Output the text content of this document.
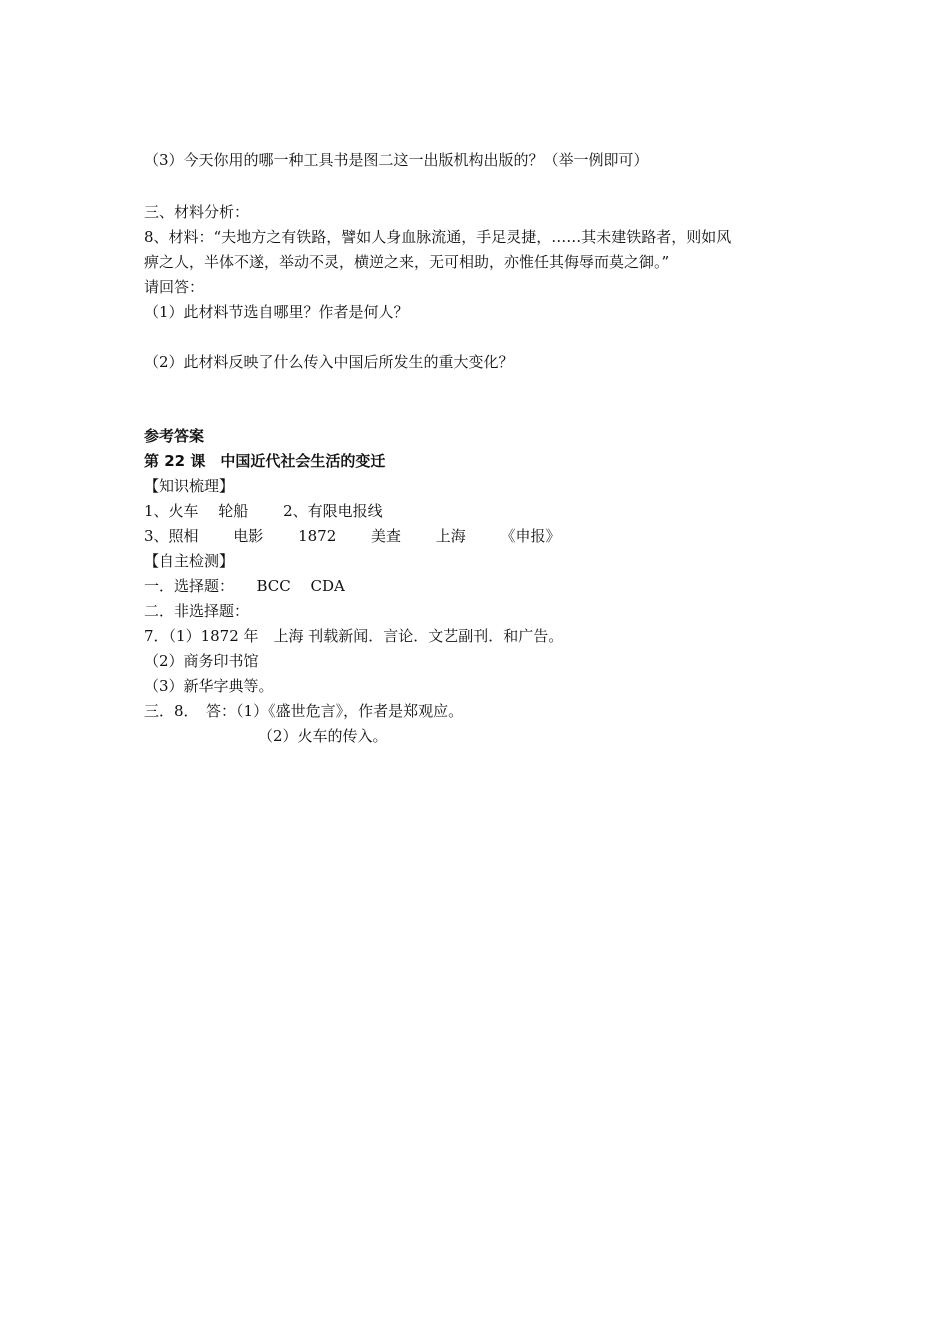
（3）今天你用的哪一种工具书是图二这一出版机构出版的？（举一例即可）
三、材料分析：
8、材料：“夫地方之有铁路，譬如人身血脉流通，手足灵捷，……其未建铁路者，则如风
痹之人，半体不遂，举动不灵，横逆之来，无可相助，亦惟任其侮辱而莫之御。”
请回答：
（1）此材料节选自哪里？作者是何人？
（2）此材料反映了什么传入中国后所发生的重大变化？
参考答案
第 22 课　中国近代社会生活的变迁
【知识梳理】
1、火车　 轮船　　 2、有限电报线
3、照相　　 电影　　 1872　　 美查　　 上海　　 《申报》
【自主检测】
一．选择题：　　BCC　 CDA
二．非选择题：
7．（1）1872 年　上海 刊载新闻．言论．文艺副刊．和广告。
（2）商务印书馆
（3）新华字典等。
三．8．　答：（1）《盛世危言》，作者是郑观应。
（2）火车的传入。
